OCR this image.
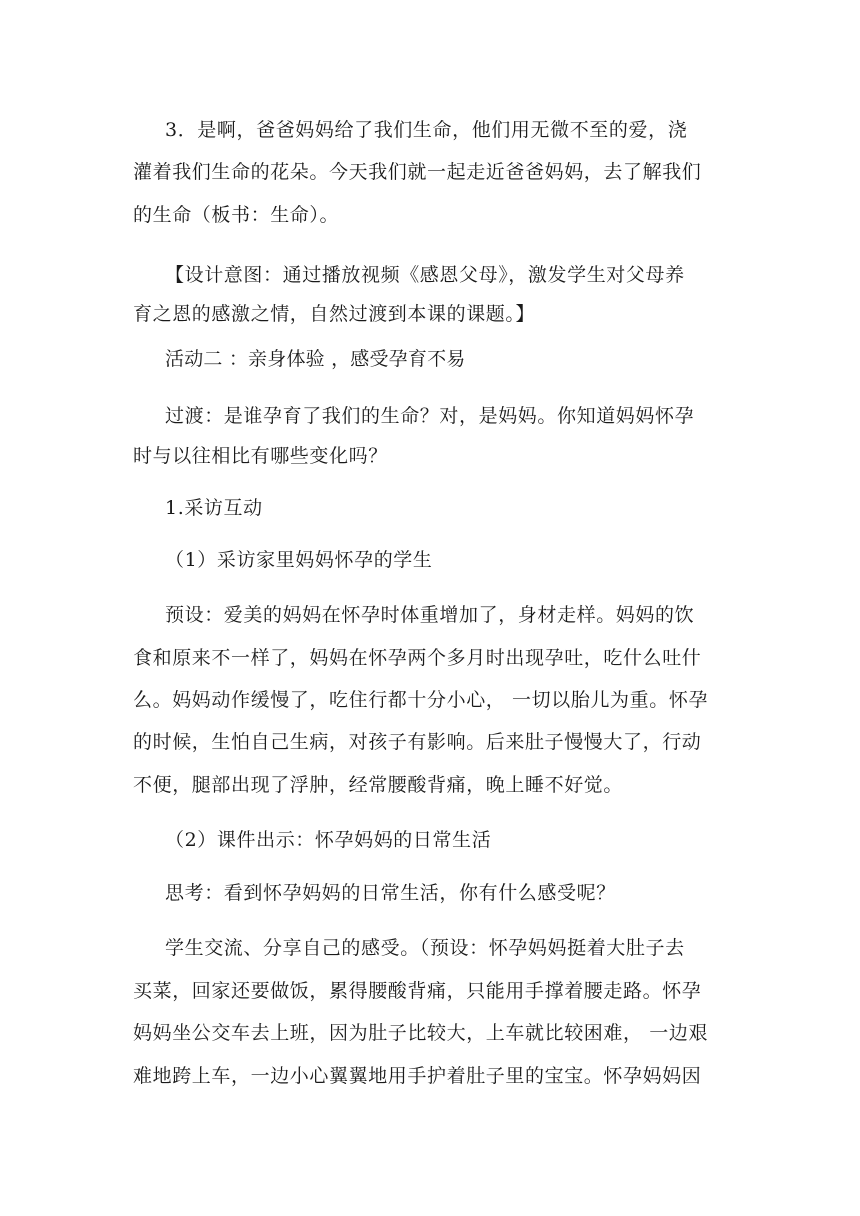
3．是啊，爸爸妈妈给了我们生命，他们用无微不至的爱，浇
灌着我们生命的花朵。今天我们就一起走近爸爸妈妈，去了解我们
的生命（板书：生命）。
【设计意图：通过播放视频《感恩父母》，激发学生对父母养
育之恩的感激之情，自然过渡到本课的课题。】
活动二 ：亲身体验 ，感受孕育不易
过渡：是谁孕育了我们的生命？对，是妈妈。你知道妈妈怀孕
时与以往相比有哪些变化吗？
1.采访互动
（1）采访家里妈妈怀孕的学生
预设：爱美的妈妈在怀孕时体重增加了，身材走样。妈妈的饮
食和原来不一样了，妈妈在怀孕两个多月时出现孕吐，吃什么吐什
么。妈妈动作缓慢了，吃住行都十分小心， 一切以胎儿为重。怀孕
的时候，生怕自己生病，对孩子有影响。后来肚子慢慢大了，行动
不便，腿部出现了浮肿，经常腰酸背痛，晚上睡不好觉。
（2）课件出示：怀孕妈妈的日常生活
思考：看到怀孕妈妈的日常生活，你有什么感受呢？
学生交流、分享自己的感受。（预设：怀孕妈妈挺着大肚子去
买菜，回家还要做饭，累得腰酸背痛，只能用手撑着腰走路。怀孕
妈妈坐公交车去上班，因为肚子比较大，上车就比较困难， 一边艰
难地跨上车，一边小心翼翼地用手护着肚子里的宝宝。怀孕妈妈因
